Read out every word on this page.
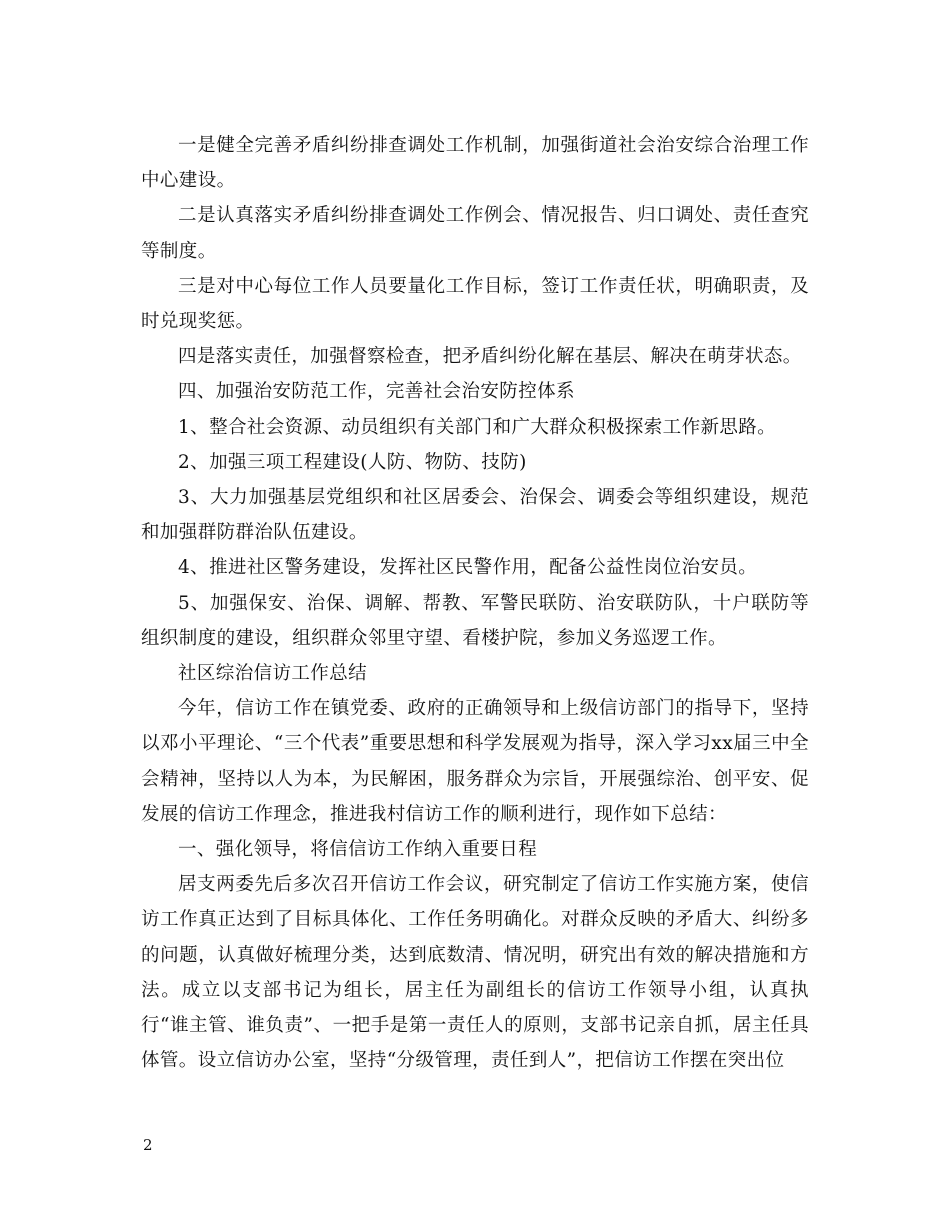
一是健全完善矛盾纠纷排查调处工作机制，加强街道社会治安综合治理工作中心建设。

二是认真落实矛盾纠纷排查调处工作例会、情况报告、归口调处、责任查究等制度。

三是对中心每位工作人员要量化工作目标，签订工作责任状，明确职责，及时兑现奖惩。

四是落实责任，加强督察检查，把矛盾纠纷化解在基层、解决在萌芽状态。

四、加强治安防范工作，完善社会治安防控体系

1、整合社会资源、动员组织有关部门和广大群众积极探索工作新思路。

2、加强三项工程建设(人防、物防、技防)

3、大力加强基层党组织和社区居委会、治保会、调委会等组织建设，规范和加强群防群治队伍建设。

4、推进社区警务建设，发挥社区民警作用，配备公益性岗位治安员。

5、加强保安、治保、调解、帮教、军警民联防、治安联防队，十户联防等组织制度的建设，组织群众邻里守望、看楼护院，参加义务巡逻工作。

社区综治信访工作总结

今年，信访工作在镇党委、政府的正确领导和上级信访部门的指导下，坚持以邓小平理论、“三个代表”重要思想和科学发展观为指导，深入学习xx届三中全会精神，坚持以人为本，为民解困，服务群众为宗旨，开展强综治、创平安、促发展的信访工作理念，推进我村信访工作的顺利进行，现作如下总结：

一、强化领导，将信信访工作纳入重要日程

居支两委先后多次召开信访工作会议，研究制定了信访工作实施方案，使信访工作真正达到了目标具体化、工作任务明确化。对群众反映的矛盾大、纠纷多的问题，认真做好梳理分类，达到底数清、情况明，研究出有效的解决措施和方法。成立以支部书记为组长，居主任为副组长的信访工作领导小组，认真执行“谁主管、谁负责”、一把手是第一责任人的原则，支部书记亲自抓，居主任具体管。设立信访办公室，坚持“分级管理，责任到人”，把信访工作摆在突出位

2
